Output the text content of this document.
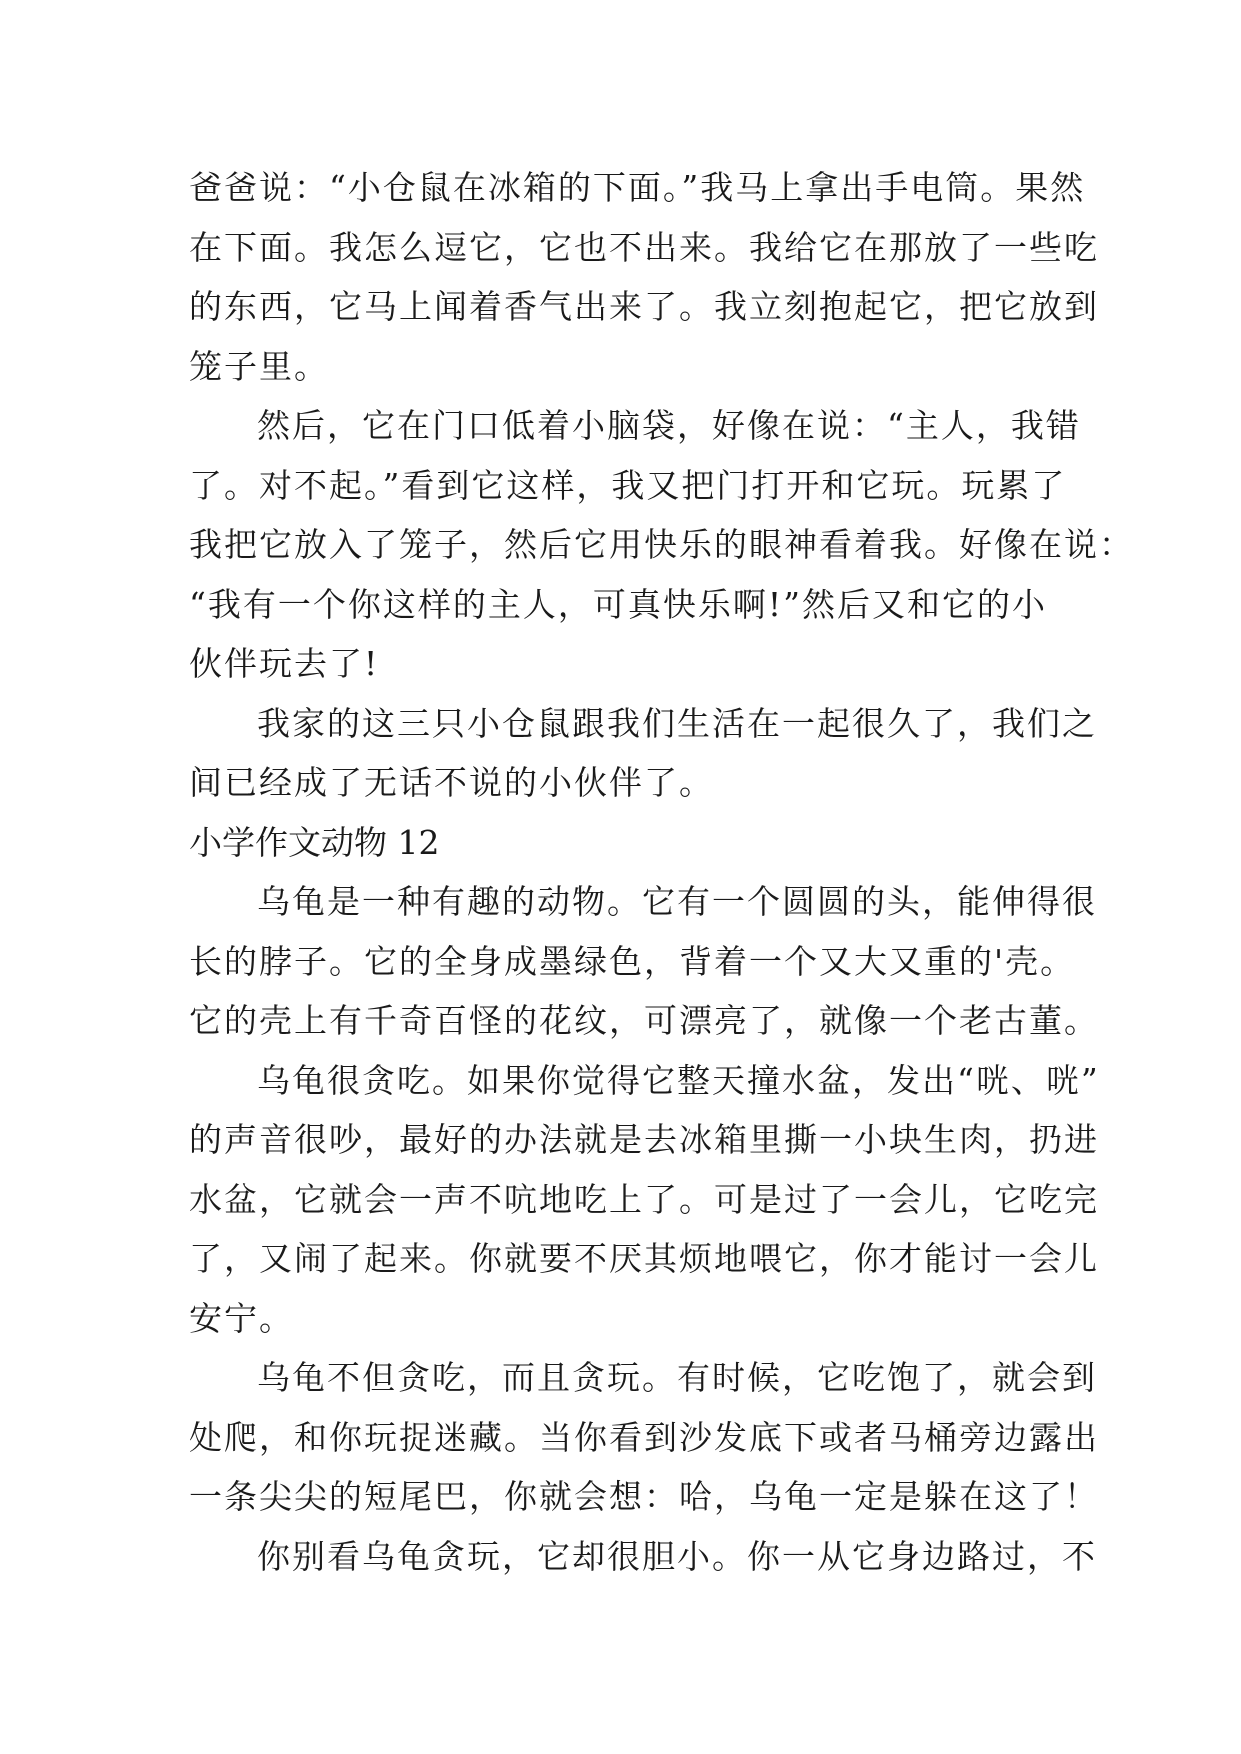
爸爸说：“小仓鼠在冰箱的下面。”我马上拿出手电筒。果然
在下面。我怎么逗它，它也不出来。我给它在那放了一些吃
的东西，它马上闻着香气出来了。我立刻抱起它，把它放到
笼子里。
然后，它在门口低着小脑袋，好像在说：“主人，我错
了。对不起。”看到它这样，我又把门打开和它玩。玩累了
我把它放入了笼子，然后它用快乐的眼神看着我。好像在说：
“我有一个你这样的主人，可真快乐啊!”然后又和它的小
伙伴玩去了!
我家的这三只小仓鼠跟我们生活在一起很久了，我们之
间已经成了无话不说的小伙伴了。
小学作文动物 12
乌龟是一种有趣的动物。它有一个圆圆的头，能伸得很
长的脖子。它的全身成墨绿色，背着一个又大又重的'壳。
它的壳上有千奇百怪的花纹，可漂亮了，就像一个老古董。
乌龟很贪吃。如果你觉得它整天撞水盆，发出“咣、咣”
的声音很吵，最好的办法就是去冰箱里撕一小块生肉，扔进
水盆，它就会一声不吭地吃上了。可是过了一会儿，它吃完
了，又闹了起来。你就要不厌其烦地喂它，你才能讨一会儿
安宁。
乌龟不但贪吃，而且贪玩。有时候，它吃饱了，就会到
处爬，和你玩捉迷藏。当你看到沙发底下或者马桶旁边露出
一条尖尖的短尾巴，你就会想：哈，乌龟一定是躲在这了！
你别看乌龟贪玩，它却很胆小。你一从它身边路过，不
